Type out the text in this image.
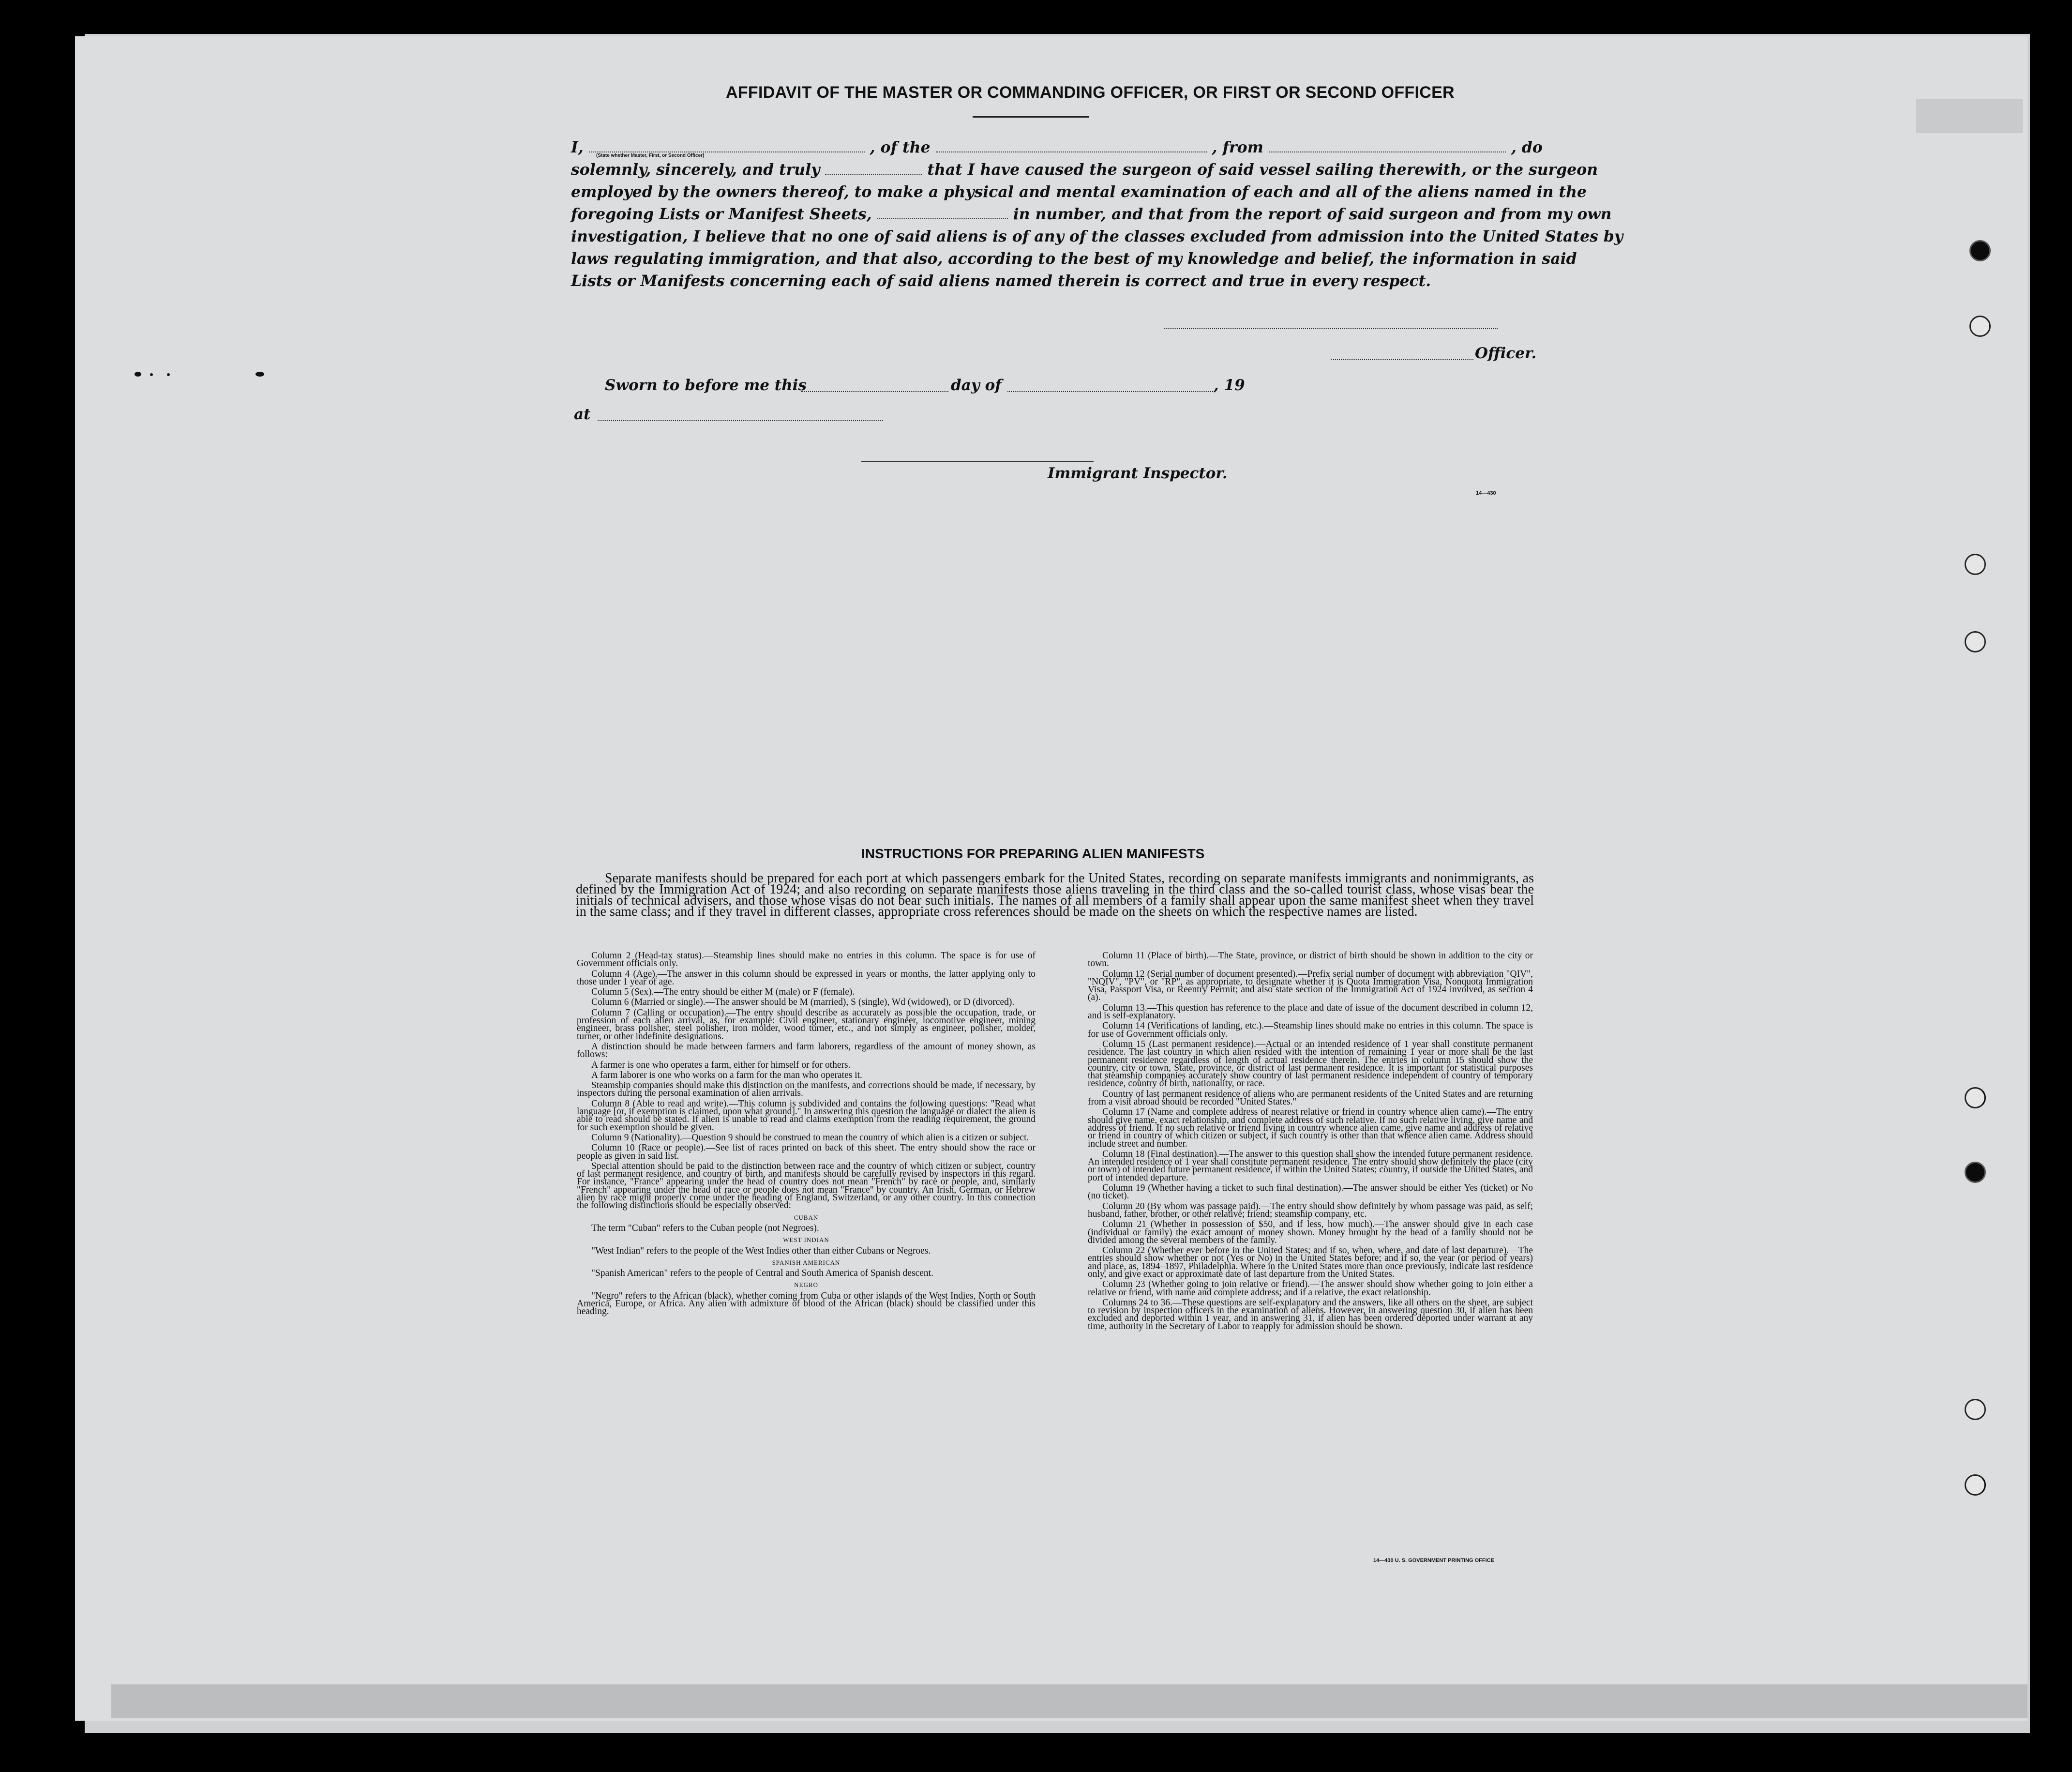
AFFIDAVIT OF THE MASTER OR COMMANDING OFFICER, OR FIRST OR SECOND OFFICER
I,	, of the	, from	, do
solemnly, sincerely, and truly	that I have caused the surgeon of said vessel sailing therewith, or the surgeon
employed by the owners thereof, to make a physical and mental examination of each and all of the aliens named in the
foregoing Lists or Manifest Sheets,	in number, and that from the report of said surgeon and from my own
investigation, I believe that no one of said aliens is of any of the classes excluded from admission into the United States by
laws regulating immigration, and that also, according to the best of my knowledge and belief, the information in said
Lists or Manifests concerning each of said aliens named therein is correct and true in every respect.
(State whether Master, First, or Second Officer)
Officer.
Sworn to before me this	day of	, 19
at
Immigrant Inspector.
14—430
INSTRUCTIONS FOR PREPARING ALIEN MANIFESTS
Separate manifests should be prepared for each port at which passengers embark for the United States, recording on separate manifests immigrants and nonimmigrants, as defined by the Immigration Act of 1924; and also recording on separate manifests those aliens traveling in the third class and the so-called tourist class, whose visas bear the initials of technical advisers, and those whose visas do not bear such initials. The names of all members of a family shall appear upon the same manifest sheet when they travel in the same class; and if they travel in different classes, appropriate cross references should be made on the sheets on which the respective names are listed.

Column 2 (Head-tax status).—Steamship lines should make no entries in this column. The space is for use of Government officials only.

Column 4 (Age).—The answer in this column should be expressed in years or months, the latter applying only to those under 1 year of age.

Column 5 (Sex).—The entry should be either M (male) or F (female).

Column 6 (Married or single).—The answer should be M (married), S (single), Wd (widowed), or D (divorced).

Column 7 (Calling or occupation).—The entry should describe as accurately as possible the occupation, trade, or profession of each alien arrival, as, for example: Civil engineer, stationary engineer, locomotive engineer, mining engineer, brass polisher, steel polisher, iron molder, wood turner, etc., and not simply as engineer, polisher, molder, turner, or other indefinite designations.

A distinction should be made between farmers and farm laborers, regardless of the amount of money shown, as follows:

A farmer is one who operates a farm, either for himself or for others.

A farm laborer is one who works on a farm for the man who operates it.

Steamship companies should make this distinction on the manifests, and corrections should be made, if necessary, by inspectors during the personal examination of alien arrivals.

Column 8 (Able to read and write).—This column is subdivided and contains the following questions: "Read what language [or, if exemption is claimed, upon what ground]." In answering this question the language or dialect the alien is able to read should be stated. If alien is unable to read and claims exemption from the reading requirement, the ground for such exemption should be given.

Column 9 (Nationality).—Question 9 should be construed to mean the country of which alien is a citizen or subject.

Column 10 (Race or people).—See list of races printed on back of this sheet. The entry should show the race or people as given in said list.

Special attention should be paid to the distinction between race and the country of which citizen or subject, country of last permanent residence, and country of birth, and manifests should be carefully revised by inspectors in this regard. For instance, "France" appearing under the head of country does not mean "French" by race or people, and, similarly "French" appearing under the head of race or people does not mean "France" by country. An Irish, German, or Hebrew alien by race might properly come under the heading of England, Switzerland, or any other country. In this connection the following distinctions should be especially observed:

CUBAN

The term "Cuban" refers to the Cuban people (not Negroes).

WEST INDIAN

"West Indian" refers to the people of the West Indies other than either Cubans or Negroes.

SPANISH AMERICAN

"Spanish American" refers to the people of Central and South America of Spanish descent.

NEGRO

"Negro" refers to the African (black), whether coming from Cuba or other islands of the West Indies, North or South America, Europe, or Africa. Any alien with admixture of blood of the African (black) should be classified under this heading.

Column 11 (Place of birth).—The State, province, or district of birth should be shown in addition to the city or town.

Column 12 (Serial number of document presented).—Prefix serial number of document with abbreviation "QIV", "NQIV", "PV", or "RP", as appropriate, to designate whether it is Quota Immigration Visa, Nonquota Immigration Visa, Passport Visa, or Reentry Permit; and also state section of the Immigration Act of 1924 involved, as section 4 (a).

Column 13.—This question has reference to the place and date of issue of the document described in column 12, and is self-explanatory.

Column 14 (Verifications of landing, etc.).—Steamship lines should make no entries in this column. The space is for use of Government officials only.

Column 15 (Last permanent residence).—Actual or an intended residence of 1 year shall constitute permanent residence. The last country in which alien resided with the intention of remaining 1 year or more shall be the last permanent residence regardless of length of actual residence therein. The entries in column 15 should show the country, city or town, State, province, or district of last permanent residence. It is important for statistical purposes that steamship companies accurately show country of last permanent residence independent of country of temporary residence, country of birth, nationality, or race.

Country of last permanent residence of aliens who are permanent residents of the United States and are returning from a visit abroad should be recorded "United States."

Column 17 (Name and complete address of nearest relative or friend in country whence alien came).—The entry should give name, exact relationship, and complete address of such relative. If no such relative living, give name and address of friend. If no such relative or friend living in country whence alien came, give name and address of relative or friend in country of which citizen or subject, if such country is other than that whence alien came. Address should include street and number.

Column 18 (Final destination).—The answer to this question shall show the intended future permanent residence. An intended residence of 1 year shall constitute permanent residence. The entry should show definitely the place (city or town) of intended future permanent residence, if within the United States; country, if outside the United States, and port of intended departure.

Column 19 (Whether having a ticket to such final destination).—The answer should be either Yes (ticket) or No (no ticket).

Column 20 (By whom was passage paid).—The entry should show definitely by whom passage was paid, as self; husband, father, brother, or other relative; friend; steamship company, etc.

Column 21 (Whether in possession of $50, and if less, how much).—The answer should give in each case (individual or family) the exact amount of money shown. Money brought by the head of a family should not be divided among the several members of the family.

Column 22 (Whether ever before in the United States; and if so, when, where, and date of last departure).—The entries should show whether or not (Yes or No) in the United States before; and if so, the year (or period of years) and place, as, 1894–1897, Philadelphia. Where in the United States more than once previously, indicate last residence only, and give exact or approximate date of last departure from the United States.

Column 23 (Whether going to join relative or friend).—The answer should show whether going to join either a relative or friend, with name and complete address; and if a relative, the exact relationship.

Columns 24 to 36.—These questions are self-explanatory and the answers, like all others on the sheet, are subject to revision by inspection officers in the examination of aliens. However, in answering question 30, if alien has been excluded and deported within 1 year, and in answering 31, if alien has been ordered deported under warrant at any time, authority in the Secretary of Labor to reapply for admission should be shown.

14—430 U. S. GOVERNMENT PRINTING OFFICE
